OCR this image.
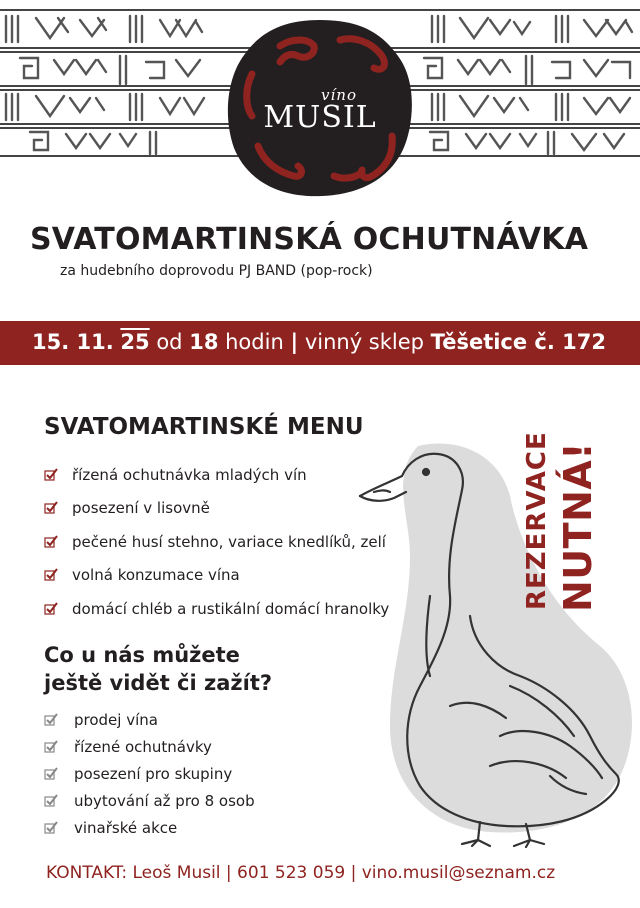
víno
MUSIL
SVATOMARTINSKÁ OCHUTNÁVKA
za hudebního doprovodu PJ BAND (pop-rock)
15. 11. 25 od 18 hodin | vinný sklep Těšetice č. 172
SVATOMARTINSKÉ MENU
řízená ochutnávka mladých vín
posezení v lisovně
pečené husí stehno, variace knedlíků, zelí
volná konzumace vína
domácí chléb a rustikální domácí hranolky
Co u nás můžete
ještě vidět či zažít?
prodej vína
řízené ochutnávky
posezení pro skupiny
ubytování až pro 8 osob
vinařské akce
REZERVACE NUTNÁ!
KONTAKT: Leoš Musil | 601 523 059 | vino.musil@seznam.cz
